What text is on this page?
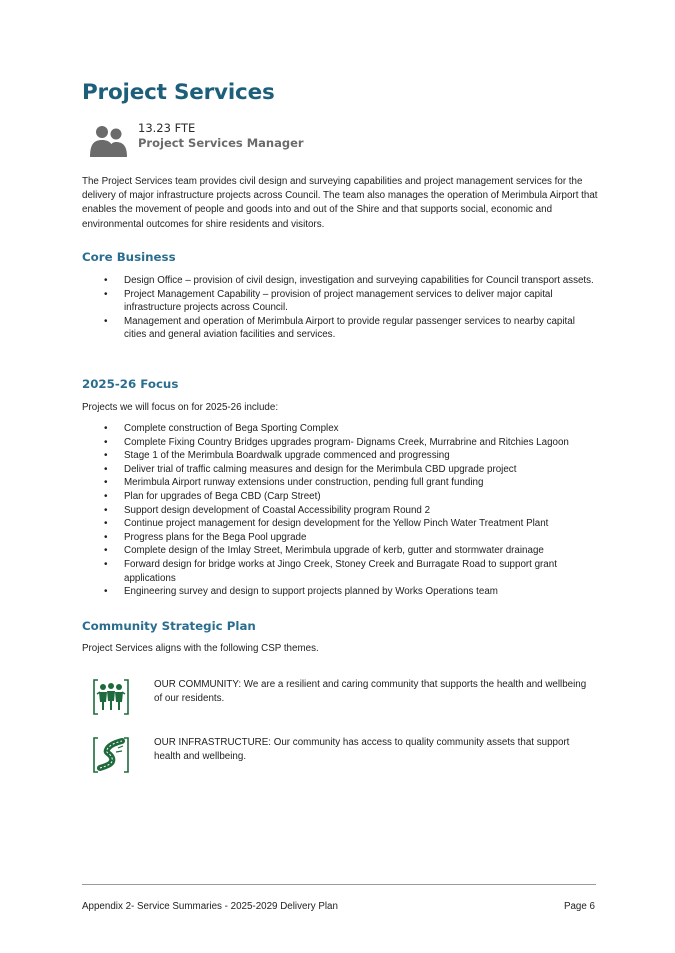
Project Services
13.23 FTE
Project Services Manager
The Project Services team provides civil design and surveying capabilities and project management services for the delivery of major infrastructure projects across Council. The team also manages the operation of Merimbula Airport that enables the movement of people and goods into and out of the Shire and that supports social, economic and environmental outcomes for shire residents and visitors.
Core Business
• Design Office – provision of civil design, investigation and surveying capabilities for Council transport assets.
• Project Management Capability – provision of project management services to deliver major capital infrastructure projects across Council.
• Management and operation of Merimbula Airport to provide regular passenger services to nearby capital cities and general aviation facilities and services.
2025-26 Focus
Projects we will focus on for 2025-26 include:
• Complete construction of Bega Sporting Complex
• Complete Fixing Country Bridges upgrades program- Dignams Creek, Murrabrine and Ritchies Lagoon
• Stage 1 of the Merimbula Boardwalk upgrade commenced and progressing
• Deliver trial of traffic calming measures and design for the Merimbula CBD upgrade project
• Merimbula Airport runway extensions under construction, pending full grant funding
• Plan for upgrades of Bega CBD (Carp Street)
• Support design development of Coastal Accessibility program Round 2
• Continue project management for design development for the Yellow Pinch Water Treatment Plant
• Progress plans for the Bega Pool upgrade
• Complete design of the Imlay Street, Merimbula upgrade of kerb, gutter and stormwater drainage
• Forward design for bridge works at Jingo Creek, Stoney Creek and Burragate Road to support grant applications
• Engineering survey and design to support projects planned by Works Operations team
Community Strategic Plan
Project Services aligns with the following CSP themes.
OUR COMMUNITY: We are a resilient and caring community that supports the health and wellbeing of our residents.
OUR INFRASTRUCTURE: Our community has access to quality community assets that support health and wellbeing.
Appendix 2- Service Summaries - 2025-2029 Delivery Plan	Page 6
